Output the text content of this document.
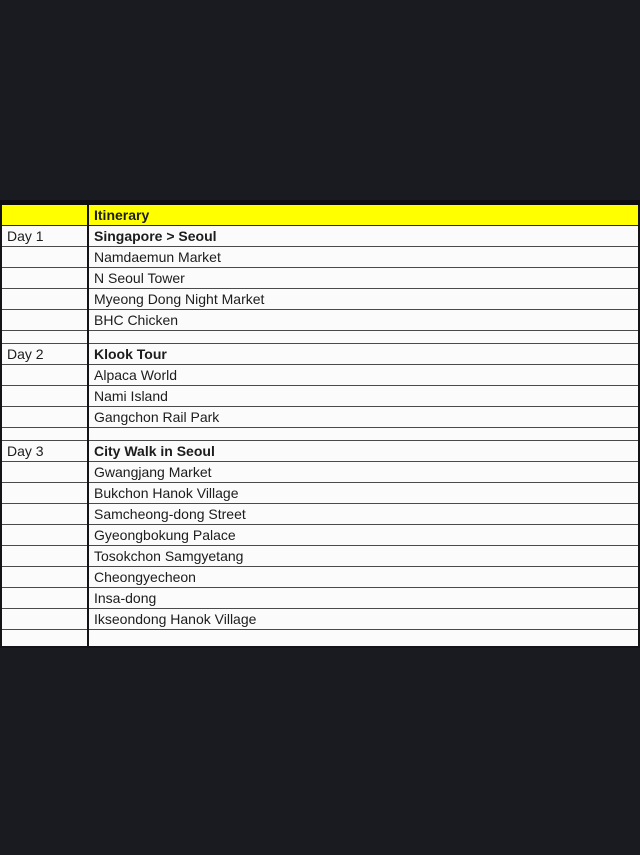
	Itinerary
Day 1	Singapore > Seoul
	Namdaemun Market
	N Seoul Tower
	Myeong Dong Night Market
	BHC Chicken

Day 2	Klook Tour
	Alpaca World
	Nami Island
	Gangchon Rail Park

Day 3	City Walk in Seoul
	Gwangjang Market
	Bukchon Hanok Village
	Samcheong-dong Street
	Gyeongbokung Palace
	Tosokchon Samgyetang
	Cheongyecheon
	Insa-dong
	Ikseondong Hanok Village
